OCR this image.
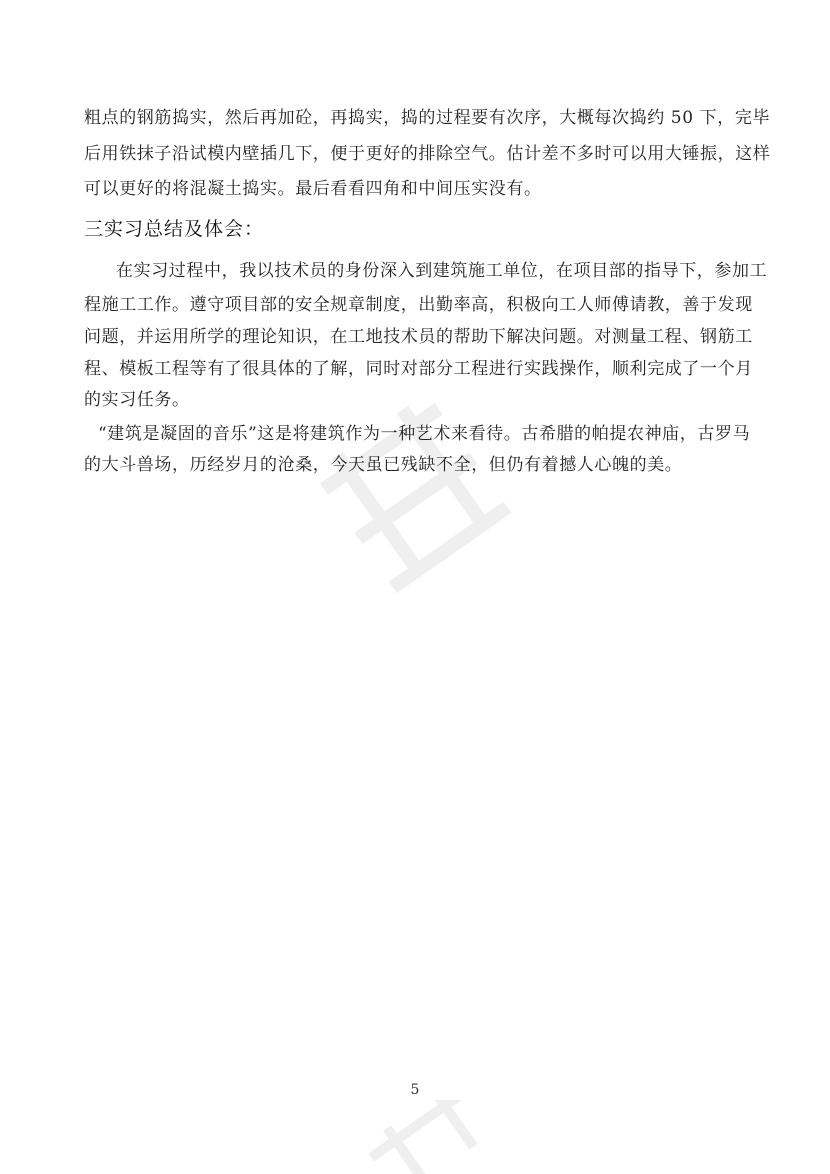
粗点的钢筋捣实，然后再加砼，再捣实，捣的过程要有次序，大概每次捣约 50 下，完毕
后用铁抹子沿试模内壁插几下，便于更好的排除空气。估计差不多时可以用大锤振，这样
可以更好的将混凝土捣实。最后看看四角和中间压实没有。
三实习总结及体会：
在实习过程中，我以技术员的身份深入到建筑施工单位，在项目部的指导下，参加工
程施工工作。遵守项目部的安全规章制度，出勤率高，积极向工人师傅请教，善于发现
问题，并运用所学的理论知识，在工地技术员的帮助下解决问题。对测量工程、钢筋工
程、模板工程等有了很具体的了解，同时对部分工程进行实践操作，顺利完成了一个月
的实习任务。
“建筑是凝固的音乐”这是将建筑作为一种艺术来看待。古希腊的帕提农神庙，古罗马
的大斗兽场，历经岁月的沧桑，今天虽已残缺不全，但仍有着撼人心魄的美。
5
